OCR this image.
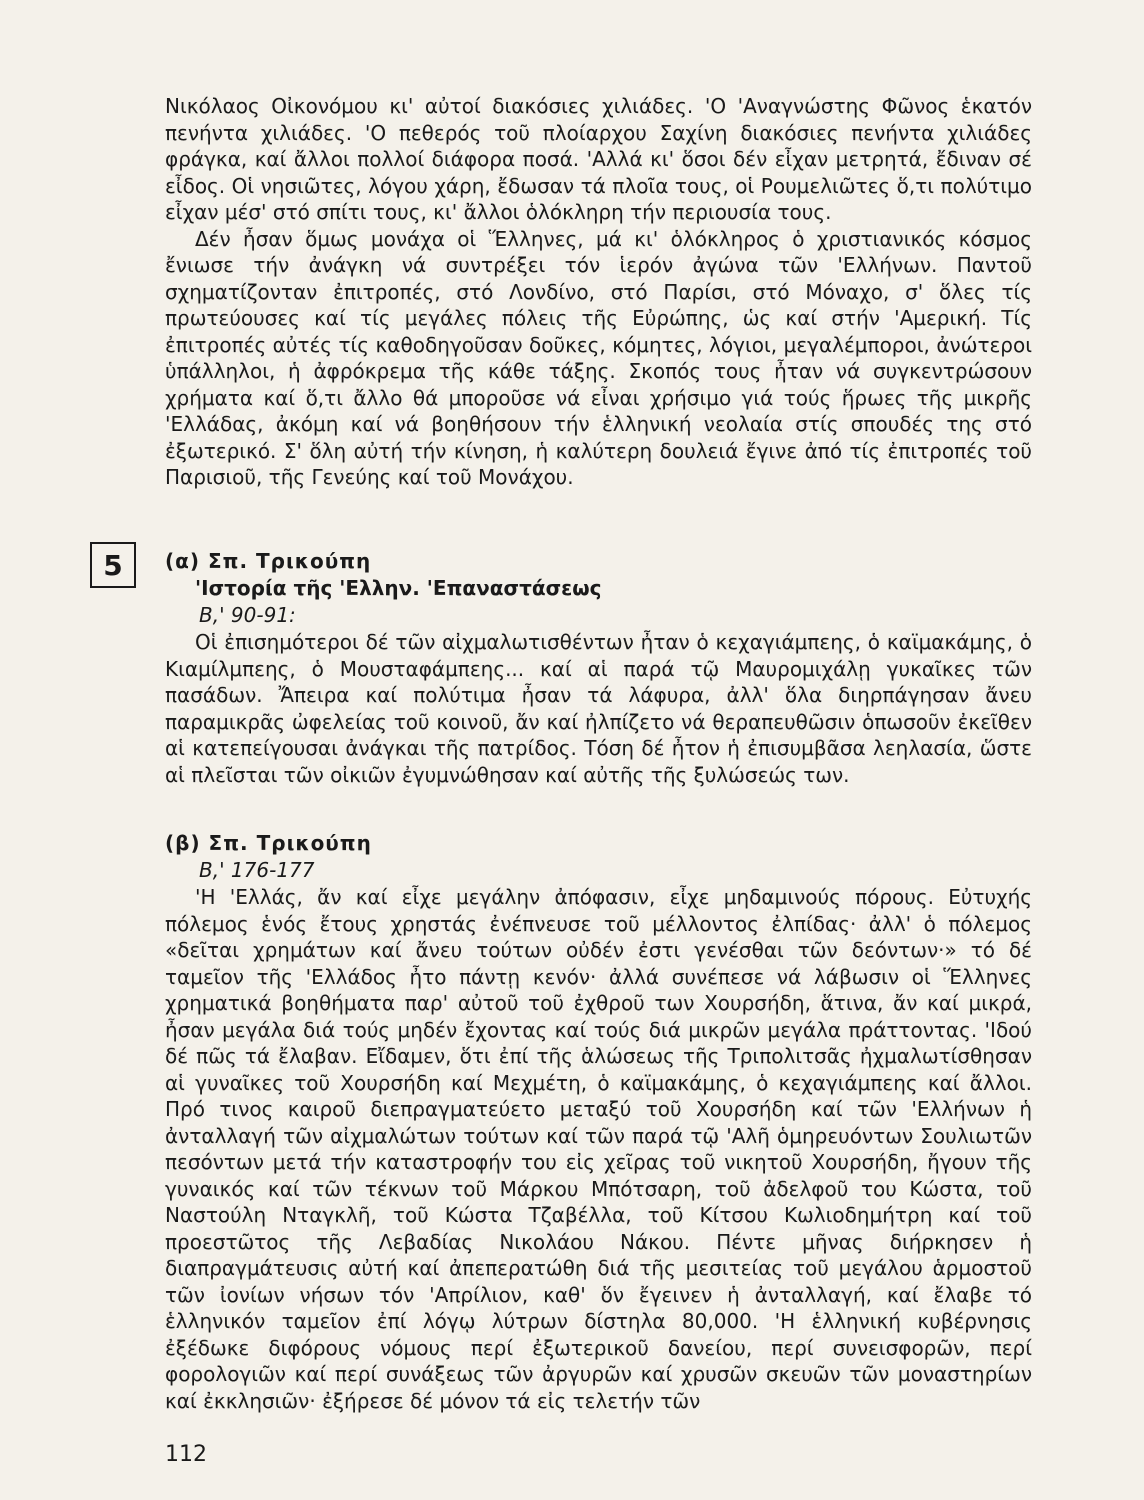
Νικόλαος Οἰκονόμου κι' αὐτοί διακόσιες χιλιάδες. 'Ο 'Αναγνώστης Φῶνος ἑκατόν πενήντα χιλιάδες. 'Ο πεθερός τοῦ πλοίαρχου Σαχίνη διακόσιες πενήντα χιλιάδες φράγκα, καί ἄλλοι πολλοί διάφορα ποσά. 'Αλλά κι' ὅσοι δέν εἶχαν μετρητά, ἔδιναν σέ εἶδος. Οἱ νησιῶτες, λόγου χάρη, ἔδωσαν τά πλοῖα τους, οἱ Ρουμελιῶτες ὅ,τι πολύτιμο εἶχαν μέσ' στό σπίτι τους, κι' ἄλλοι ὁλόκληρη τήν περιουσία τους.

Δέν ἦσαν ὅμως μονάχα οἱ Ἕλληνες, μά κι' ὁλόκληρος ὁ χριστιανικός κόσμος ἔνιωσε τήν ἀνάγκη νά συντρέξει τόν ἱερόν ἀγώνα τῶν 'Ελλήνων. Παντοῦ σχηματίζονταν ἐπιτροπές, στό Λονδίνο, στό Παρίσι, στό Μόναχο, σ' ὅλες τίς πρωτεύουσες καί τίς μεγάλες πόλεις τῆς Εὐρώπης, ὡς καί στήν 'Αμερική. Τίς ἐπιτροπές αὐτές τίς καθοδηγοῦσαν δοῦκες, κόμητες, λόγιοι, μεγαλέμποροι, ἀνώτεροι ὑπάλληλοι, ἡ ἀφρόκρεμα τῆς κάθε τάξης. Σκοπός τους ἦταν νά συγκεντρώσουν χρήματα καί ὅ,τι ἄλλο θά μποροῦσε νά εἶναι χρήσιμο γιά τούς ἥρωες τῆς μικρῆς 'Ελλάδας, ἀκόμη καί νά βοηθήσουν τήν ἑλληνική νεολαία στίς σπουδές της στό ἐξωτερικό. Σ' ὅλη αὐτή τήν κίνηση, ἡ καλύτερη δουλειά ἔγινε ἀπό τίς ἐπιτροπές τοῦ Παρισιοῦ, τῆς Γενεύης καί τοῦ Μονάχου.

5	(α) Σπ. Τρικούπη
'Ιστορία τῆς 'Ελλην. 'Επαναστάσεως
Β,' 90-91:

Οἱ ἐπισημότεροι δέ τῶν αἰχμαλωτισθέντων ἦταν ὁ κεχαγιάμπεης, ὁ καϊμακάμης, ὁ Κιαμίλμπεης, ὁ Μουσταφάμπεης... καί αἱ παρά τῷ Μαυρομιχάλῃ γυκαῖκες τῶν πασάδων. Ἄπειρα καί πολύτιμα ἦσαν τά λάφυρα, ἀλλ' ὅλα διηρπάγησαν ἄνευ παραμικρᾶς ὠφελείας τοῦ κοινοῦ, ἄν καί ἠλπίζετο νά θεραπευθῶσιν ὁπωσοῦν ἐκεῖθεν αἱ κατεπείγουσαι ἀνάγκαι τῆς πατρίδος. Τόση δέ ἦτον ἡ ἐπισυμβᾶσα λεηλασία, ὥστε αἱ πλεῖσται τῶν οἰκιῶν ἐγυμνώθησαν καί αὐτῆς τῆς ξυλώσεώς των.

(β) Σπ. Τρικούπη
Β,' 176-177

'Η 'Ελλάς, ἄν καί εἶχε μεγάλην ἀπόφασιν, εἶχε μηδαμινούς πόρους. Εὐτυχής πόλεμος ἑνός ἔτους χρηστάς ἐνέπνευσε τοῦ μέλλοντος ἐλπίδας· ἀλλ' ὁ πόλεμος «δεῖται χρημάτων καί ἄνευ τούτων οὐδέν ἐστι γενέσθαι τῶν δεόντων·» τό δέ ταμεῖον τῆς 'Ελλάδος ἦτο πάντῃ κενόν· ἀλλά συνέπεσε νά λάβωσιν οἱ Ἕλληνες χρηματικά βοηθήματα παρ' αὐτοῦ τοῦ ἐχθροῦ των Χουρσήδη, ἅτινα, ἄν καί μικρά, ἦσαν μεγάλα διά τούς μηδέν ἔχοντας καί τούς διά μικρῶν μεγάλα πράττοντας. 'Ιδού δέ πῶς τά ἔλαβαν. Εἴδαμεν, ὅτι ἐπί τῆς ἁλώσεως τῆς Τριπολιτσᾶς ἠχμαλωτίσθησαν αἱ γυναῖκες τοῦ Χουρσήδη καί Μεχμέτη, ὁ καϊμακάμης, ὁ κεχαγιάμπεης καί ἄλλοι. Πρό τινος καιροῦ διεπραγματεύετο μεταξύ τοῦ Χουρσήδη καί τῶν 'Ελλήνων ἡ ἀνταλλαγή τῶν αἰχμαλώτων τούτων καί τῶν παρά τῷ 'Αλῆ ὁμηρευόντων Σουλιωτῶν πεσόντων μετά τήν καταστροφήν του εἰς χεῖρας τοῦ νικητοῦ Χουρσήδη, ἤγουν τῆς γυναικός καί τῶν τέκνων τοῦ Μάρκου Μπότσαρη, τοῦ ἀδελφοῦ του Κώστα, τοῦ Ναστούλη Νταγκλῆ, τοῦ Κώστα Τζαβέλλα, τοῦ Κίτσου Κωλιοδημήτρη καί τοῦ προεστῶτος τῆς Λεβαδίας Νικολάου Νάκου. Πέντε μῆνας διήρκησεν ἡ διαπραγμάτευσις αὐτή καί ἀπεπερατώθη διά τῆς μεσιτείας τοῦ μεγάλου ἁρμοστοῦ τῶν ἰονίων νήσων τόν 'Απρίλιον, καθ' ὅν ἔγεινεν ἡ ἀνταλλαγή, καί ἔλαβε τό ἑλληνικόν ταμεῖον ἐπί λόγῳ λύτρων δίστηλα 80,000. 'Η ἑλληνική κυβέρνησις ἐξέδωκε διφόρους νόμους περί ἐξωτερικοῦ δανείου, περί συνεισφορῶν, περί φορολογιῶν καί περί συνάξεως τῶν ἀργυρῶν καί χρυσῶν σκευῶν τῶν μοναστηρίων καί ἐκκλησιῶν· ἐξήρεσε δέ μόνον τά εἰς τελετήν τῶν

112
